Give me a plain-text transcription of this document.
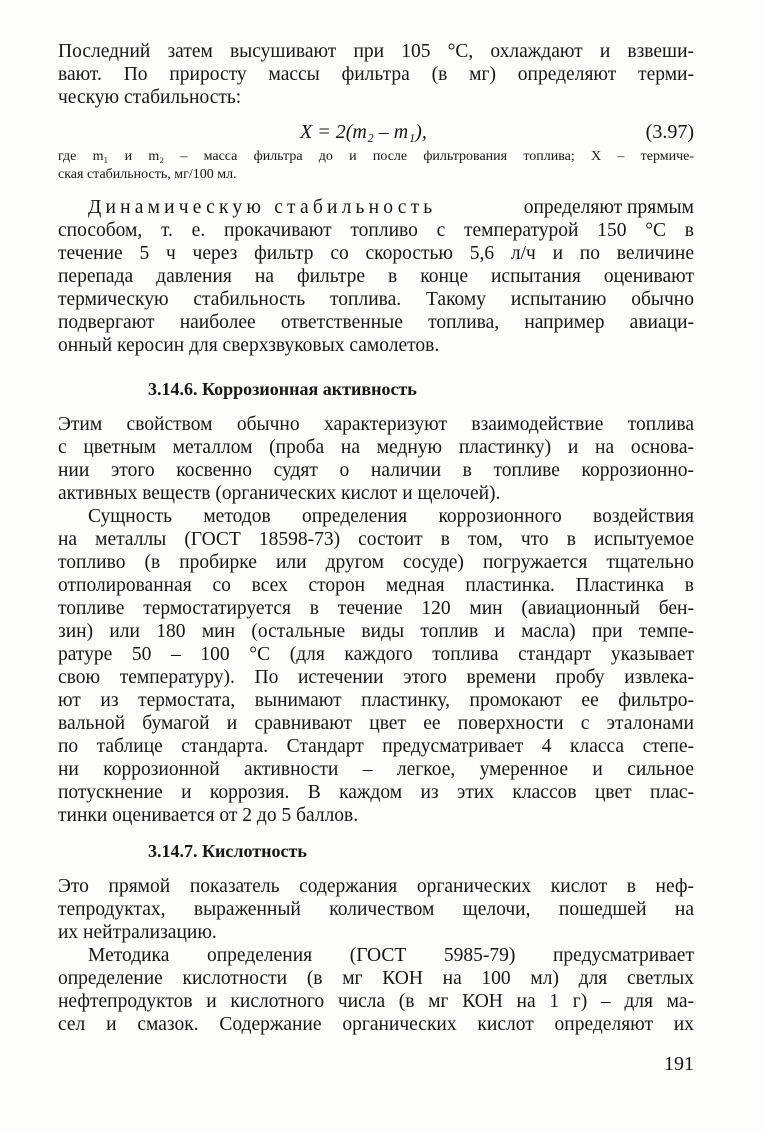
Последний затем высушивают при 105 °С, охлаждают и взвеши-
вают. По приросту массы фильтра (в мг) определяют терми-
ческую стабильность:
X = 2(m₂ – m₁),	(3.97)
где m₁ и m₂ – масса фильтра до и после фильтрования топлива; X – термиче-
ская стабильность, мг/100 мл.
Динамическую стабильность	определяют прямым
способом, т. е. прокачивают топливо с температурой 150 °С в
течение 5 ч через фильтр со скоростью 5,6 л/ч и по величине
перепада давления на фильтре в конце испытания оценивают
термическую стабильность топлива. Такому испытанию обычно
подвергают наиболее ответственные топлива, например авиаци-
онный керосин для сверхзвуковых самолетов.
3.14.6. Коррозионная активность
Этим свойством обычно характеризуют взаимодействие топлива
с цветным металлом (проба на медную пластинку) и на основа-
нии этого косвенно судят о наличии в топливе коррозионно-
активных веществ (органических кислот и щелочей).
Сущность методов определения коррозионного воздействия
на металлы (ГОСТ 18598-73) состоит в том, что в испытуемое
топливо (в пробирке или другом сосуде) погружается тщательно
отполированная со всех сторон медная пластинка. Пластинка в
топливе термостатируется в течение 120 мин (авиационный бен-
зин) или 180 мин (остальные виды топлив и масла) при темпе-
ратуре 50 – 100 °С (для каждого топлива стандарт указывает
свою температуру). По истечении этого времени пробу извлека-
ют из термостата, вынимают пластинку, промокают ее фильтро-
вальной бумагой и сравнивают цвет ее поверхности с эталонами
по таблице стандарта. Стандарт предусматривает 4 класса степе-
ни коррозионной активности – легкое, умеренное и сильное
потускнение и коррозия. В каждом из этих классов цвет плас-
тинки оценивается от 2 до 5 баллов.
3.14.7. Кислотность
Это прямой показатель содержания органических кислот в неф-
тепродуктах, выраженный количеством щелочи, пошедшей на
их нейтрализацию.
Методика определения (ГОСТ 5985-79) предусматривает
определение кислотности (в мг КОН на 100 мл) для светлых
нефтепродуктов и кислотного числа (в мг КОН на 1 г) – для ма-
сел и смазок. Содержание органических кислот определяют их
191
